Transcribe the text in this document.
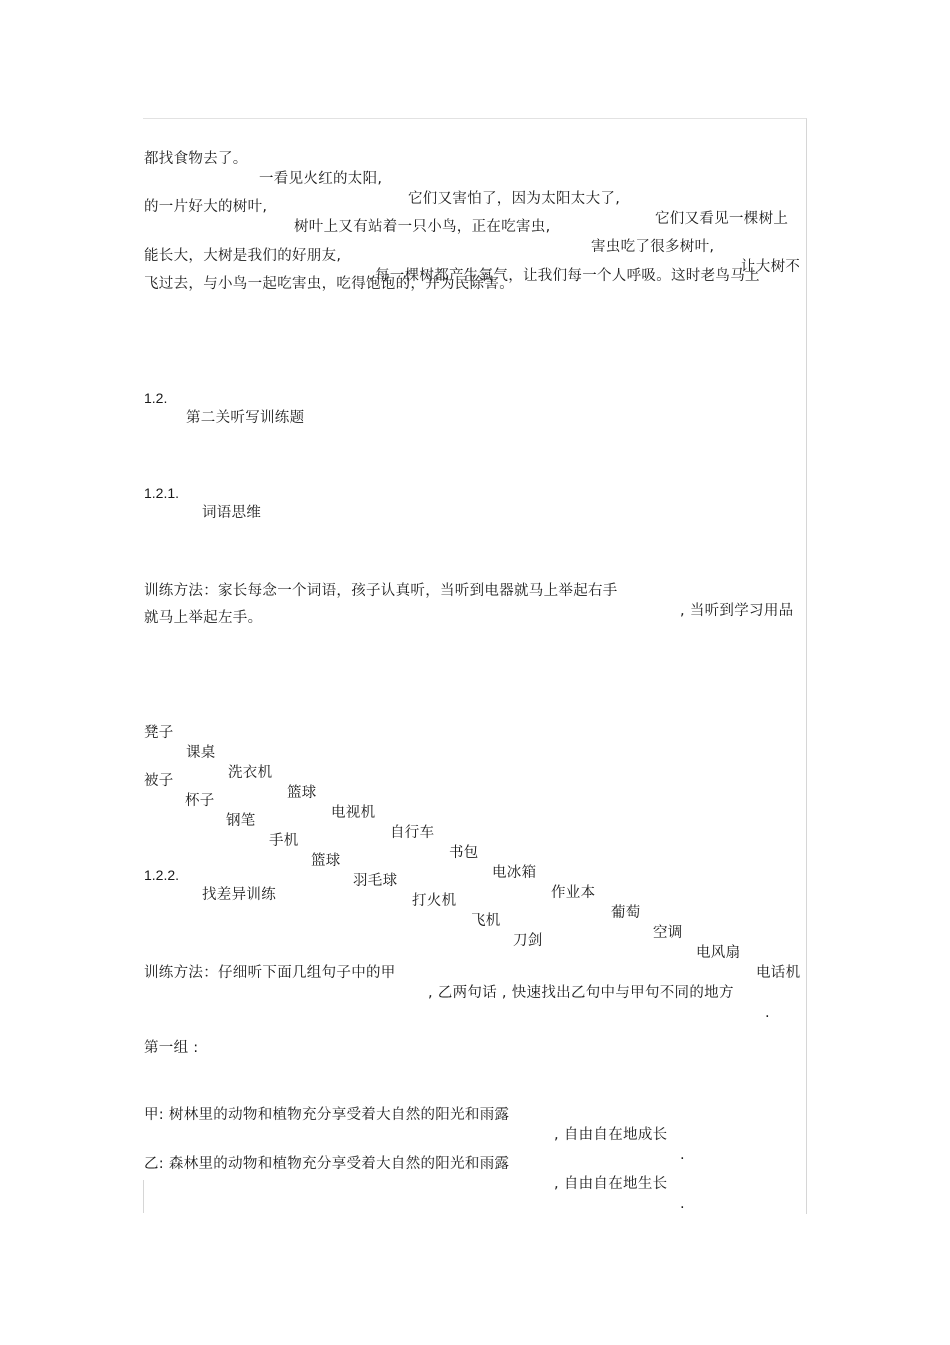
都找食物去了。

一看见火红的太阳,

它们又害怕了，因为太阳太大了,

它们又看见一棵树上

的一片好大的树叶,

树叶上又有站着一只小鸟，正在吃害虫,

害虫吃了很多树叶,

让大树不

能长大，大树是我们的好朋友,

每一棵树都产生氧气，让我们每一个人呼吸。这时老鸟马上

飞过去，与小鸟一起吃害虫，吃得饱饱的，并为民除害。

1.2.

第二关听写训练题

1.2.1.

词语思维

训练方法：家长每念一个词语，孩子认真听，当听到电器就马上举起右手

, 当听到学习用品

就马上举起左手。

凳子

课桌

洗衣机

篮球

电视机

自行车

书包

电冰箱

作业本

葡萄

空调

电风扇

电话机

被子

杯子

钢笔

手机

篮球

羽毛球

打火机

飞机

刀剑

1.2.2.

找差异训练

训练方法：仔细听下面几组句子中的甲

, 乙两句话 , 快速找出乙句中与甲句不同的地方

.

第一组 :

甲: 树林里的动物和植物充分享受着大自然的阳光和雨露

, 自由自在地成长

.

乙: 森林里的动物和植物充分享受着大自然的阳光和雨露

, 自由自在地生长

.
